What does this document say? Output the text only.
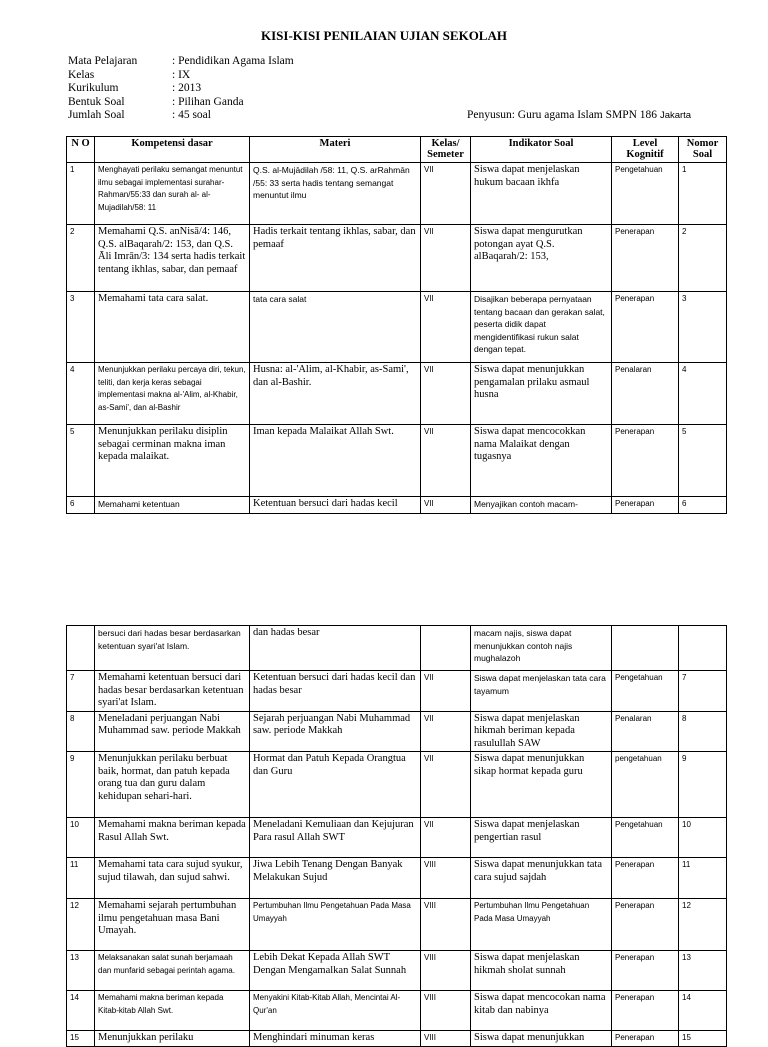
KISI-KISI PENILAIAN UJIAN SEKOLAH
Mata Pelajaran	: Pendidikan Agama Islam
Kelas	: IX
Kurikulum	: 2013
Bentuk Soal	: Pilihan Ganda
Jumlah Soal	: 45 soal	Penyusun: Guru agama Islam SMPN 186 Jakarta
N O	Kompetensi dasar	Materi	Kelas/ Semeter	Indikator Soal	Level Kognitif	Nomor Soal
1	Menghayati perilaku semangat menuntut ilmu sebagai implementasi surahar-Rahman/55:33 dan surah al- al-Mujadilah/58: 11	Q.S. al-Mujādilah /58: 11, Q.S. arRahmān /55: 33 serta hadis tentang semangat menuntut ilmu	VII	Siswa dapat menjelaskan hukum bacaan ikhfa	Pengetahuan	1
2	Memahami Q.S. anNisā/4: 146, Q.S. alBaqarah/2: 153, dan Q.S. Āli Imrān/3: 134 serta hadis terkait tentang ikhlas, sabar, dan pemaaf	Hadis terkait tentang ikhlas, sabar, dan pemaaf	VII	Siswa dapat mengurutkan potongan ayat Q.S. alBaqarah/2: 153,	Penerapan	2
3	Memahami tata cara salat.	tata cara salat	VII	Disajikan beberapa pernyataan tentang bacaan dan gerakan salat, peserta didik dapat mengidentifikasi rukun salat dengan tepat.	Penerapan	3
4	Menunjukkan perilaku percaya diri, tekun, teliti, dan kerja keras sebagai implementasi makna al-'Alim, al-Khabir, as-Sami', dan al-Bashir	Husna: al-'Alim, al-Khabir, as-Sami', dan al-Bashir.	VII	Siswa dapat menunjukkan pengamalan prilaku asmaul husna	Penalaran	4
5	Menunjukkan perilaku disiplin sebagai cerminan makna iman kepada malaikat.	Iman kepada Malaikat Allah Swt.	VII	Siswa dapat mencocokkan nama Malaikat dengan tugasnya	Penerapan	5
6	Memahami ketentuan	Ketentuan bersuci dari hadas kecil	VII	Menyajikan contoh macam-	Penerapan	6
	bersuci dari hadas besar berdasarkan ketentuan syari'at Islam.	dan hadas besar		macam najis, siswa dapat menunjukkan contoh najis mughalazoh		
7	Memahami ketentuan bersuci dari hadas besar berdasarkan ketentuan syari'at Islam.	Ketentuan bersuci dari hadas kecil dan hadas besar	VII	Siswa dapat menjelaskan tata cara tayamum	Pengetahuan	7
8	Meneladani perjuangan Nabi Muhammad saw. periode Makkah	Sejarah perjuangan Nabi Muhammad saw. periode Makkah	VII	Siswa dapat menjelaskan hikmah beriman kepada rasulullah SAW	Penalaran	8
9	Menunjukkan perilaku berbuat baik, hormat, dan patuh kepada orang tua dan guru dalam kehidupan sehari-hari.	Hormat dan Patuh Kepada Orangtua dan Guru	VII	Siswa dapat menunjukkan sikap hormat kepada guru	pengetahuan	9
10	Memahami makna beriman kepada Rasul Allah Swt.	Meneladani Kemuliaan dan Kejujuran Para rasul Allah SWT	VII	Siswa dapat menjelaskan pengertian rasul	Pengetahuan	10
11	Memahami tata cara sujud syukur, sujud tilawah, dan sujud sahwi.	Jiwa Lebih Tenang Dengan Banyak Melakukan Sujud	VIII	Siswa dapat menunjukkan tata cara sujud sajdah	Penerapan	11
12	Memahami sejarah pertumbuhan ilmu pengetahuan masa Bani Umayah.	Pertumbuhan Ilmu Pengetahuan Pada Masa Umayyah	VIII	Pertumbuhan Ilmu Pengetahuan Pada Masa Umayyah	Penerapan	12
13	Melaksanakan salat sunah berjamaah dan munfarid sebagai perintah agama.	Lebih Dekat Kepada Allah SWT Dengan Mengamalkan Salat Sunnah	VIII	Siswa dapat menjelaskan hikmah sholat sunnah	Penerapan	13
14	Memahami makna beriman kepada Kitab-kitab Allah Swt.	Menyakini Kitab-Kitab Allah, Mencintai Al-Qur'an	VIII	Siswa dapat mencocokan nama kitab dan nabinya	Penerapan	14
15	Menunjukkan perilaku	Menghindari minuman keras	VIII	Siswa dapat menunjukkan	Penerapan	15
